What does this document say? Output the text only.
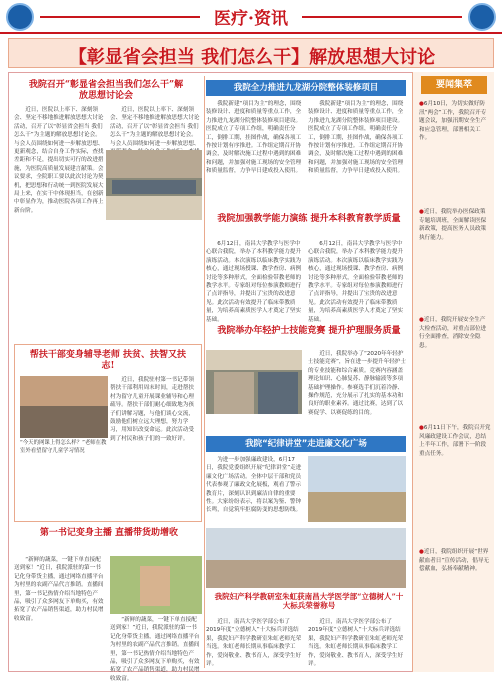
医疗·资讯
【彰显省会担当 我们怎么干】解放思想大讨论
我院召开“彰显省会担当我们怎么干”解放思想讨论会
近日，医院以上率下、深刻领会、坚定不移地推进解放思想大讨论活动，召开了以“彰显省会担当 我们怎么干”为主题的解放思想讨论会。与会人员围绕如何进一步解放思想、更新观念，结合自身工作实际，查找差距和不足，提出切实可行的改进措施，为医院高质量发展建言献策。会议要求，全院职工要以此次讨论为契机，把思想和行动统一到医院发展大局上来，在实干中体现担当，在创新中彰显作为，推动医院各项工作再上新台阶。
近日，医院以上率下、深刻领会、坚定不移地推进解放思想大讨论活动，召开了以“彰显省会担当 我们怎么干”为主题的解放思想讨论会。与会人员围绕如何进一步解放思想、
我院全力推进九龙湖分院整体装修项目
我院新建“项目为主”的理念，围绕装修设计、进度和质量等重点工作，全力推进九龙湖分院整体装修项目建设。医院成立了专项工作组，明确责任分工，倒排工期，挂图作战，确保各项工作按计划有序推进。工作组定期召开协调会，及时解决施工过程中遇到的困难和问题，并加强对施工现场的安全管理和质量监督，力争早日建成投入使用。
我院新建“项目为主”的理念，围绕装修设计、进度和质量等重点工作，全力推进九龙湖分院整体装修项目建设。医院成立了专项工作组，明确责任分工，倒排工期，挂图作战，确保各项工作按计划有序推进。工作组定期召开协调会，及时解决施工过程中遇到的困难和问题，并加强对施工现场的安全管理和质量监督，力争早日建成投入使用。
我院加强教学能力演练 提升本科教育教学质量
6月12日，南昌大学教学与医学中心联合我院，举办了本科教学能力提升演练活动。本次演练以临床教学实践为核心，通过现场授课、教学查房、病例讨论等多种形式，全面检验带教老师的教学水平。专家组对每位参演教师进行了点评指导，并提出了宝贵的改进意见。此次活动有效提升了临床带教质量，为培养高素质医学人才奠定了坚实基础。
6月12日，南昌大学教学与医学中心联合我院，举办了本科教学能力提升演练活动。本次演练以临床教学实践为核心，通过现场授课、教学查房、病例讨论等多种形式，全面检验带教老师的教学水平。专家组对每位参演教师进行了点评指导，并提出了宝贵的改进意见。此次活动有效提升了临床带教质量，为培养高素质医学人才奠定了坚实基础。
我院举办年轻护士技能竞赛 提升护理服务质量
近日，我院举办了“2020年年轻护士技能竞赛”，旨在进一步提升年轻护士的专业技能和综合素质。竞赛内容涵盖理论知识、心肺复苏、静脉输液等多项基础护理操作。参赛选手们沉着冷静、操作规范，充分展示了扎实的基本功和良好的职业素养。通过比赛，达到了以赛促学、以赛促练的目的。
我院“纪律讲堂”走进廉文化广场
为进一步加强廉政建设，6月17日，我院党委组织开展“纪律讲堂”走进廉文化广场活动。全体中层干部和党员代表参观了廉政文化展板，观看了警示教育片，深刻认识到廉洁自律的重要性。大家纷纷表示，将以案为鉴、警钟长鸣，自觉筑牢拒腐防变的思想防线。
帮扶干部变身辅导老师 扶贫、扶智又扶志!
“今天的网课上得怎么样？”老师在教室外看望留守儿童学习情况
近日，我院驻村第一书记带领帮扶干部利用周末时间，走进帮扶村为留守儿童开展课业辅导和心理疏导。帮扶干部们耐心细致地为孩子们讲解习题，与他们谈心交流，鼓励他们树立远大理想，努力学习，用知识改变命运。此次活动受到了村民和孩子们的一致好评。
第一书记变身主播 直播带货助增收
“新鲜的蔬菜，一键下单直接配送到家！”近日，我院派驻的第一书记化身带货主播，通过网络直播平台为村里的农副产品代言推销。直播间里，第一书记热情介绍当地特色产品，吸引了众多网友下单购买，有效拓宽了农产品销售渠道，助力村民增收致富。	“新鲜的蔬菜，一键下单直接配送到家！”近日，我院派驻的第一书记化身带货主播，通过网络直播平台为村里的农副产品代言推销。直播间里，第一书记热情介绍当地特色产品，吸引了众多网友下单购买，有效拓宽了农产品销售渠道，助力村民增收致富。
我院妇产科学教研室朱虹获南昌大学医学部“立德树人”十大标兵荣誉称号
近日，南昌大学医学部公布了2019年度“立德树人”十大标兵评选结果，我院妇产科学教研室朱虹老师光荣当选。朱虹老师长期从事临床教学工作，爱岗敬业、教书育人，深受学生好评。
近日，南昌大学医学部公布了2019年度“立德树人”十大标兵评选结果，我院妇产科学教研室朱虹老师光荣当选。朱虹老师长期从事临床教学工作，爱岗敬业、教书育人，深受学生好评。
要闻集萃
●6月10日，为切实做好防汛“两会”工作，我院召开专题会议，加强汛期安全生产和应急管理，部署相关工作。
●近日，我院举办医保政策专题培训班，全面解读医保新政策，提高医务人员政策执行能力。
●近日，我院开展安全生产大检查活动，对重点部位进行全面排查，消除安全隐患。
●6月11日下午，我院召开党风廉政建设工作会议，总结上半年工作，部署下一阶段重点任务。
●近日，我院组织开展“世界献血者日”宣传活动，倡导无偿献血，弘扬奉献精神。
